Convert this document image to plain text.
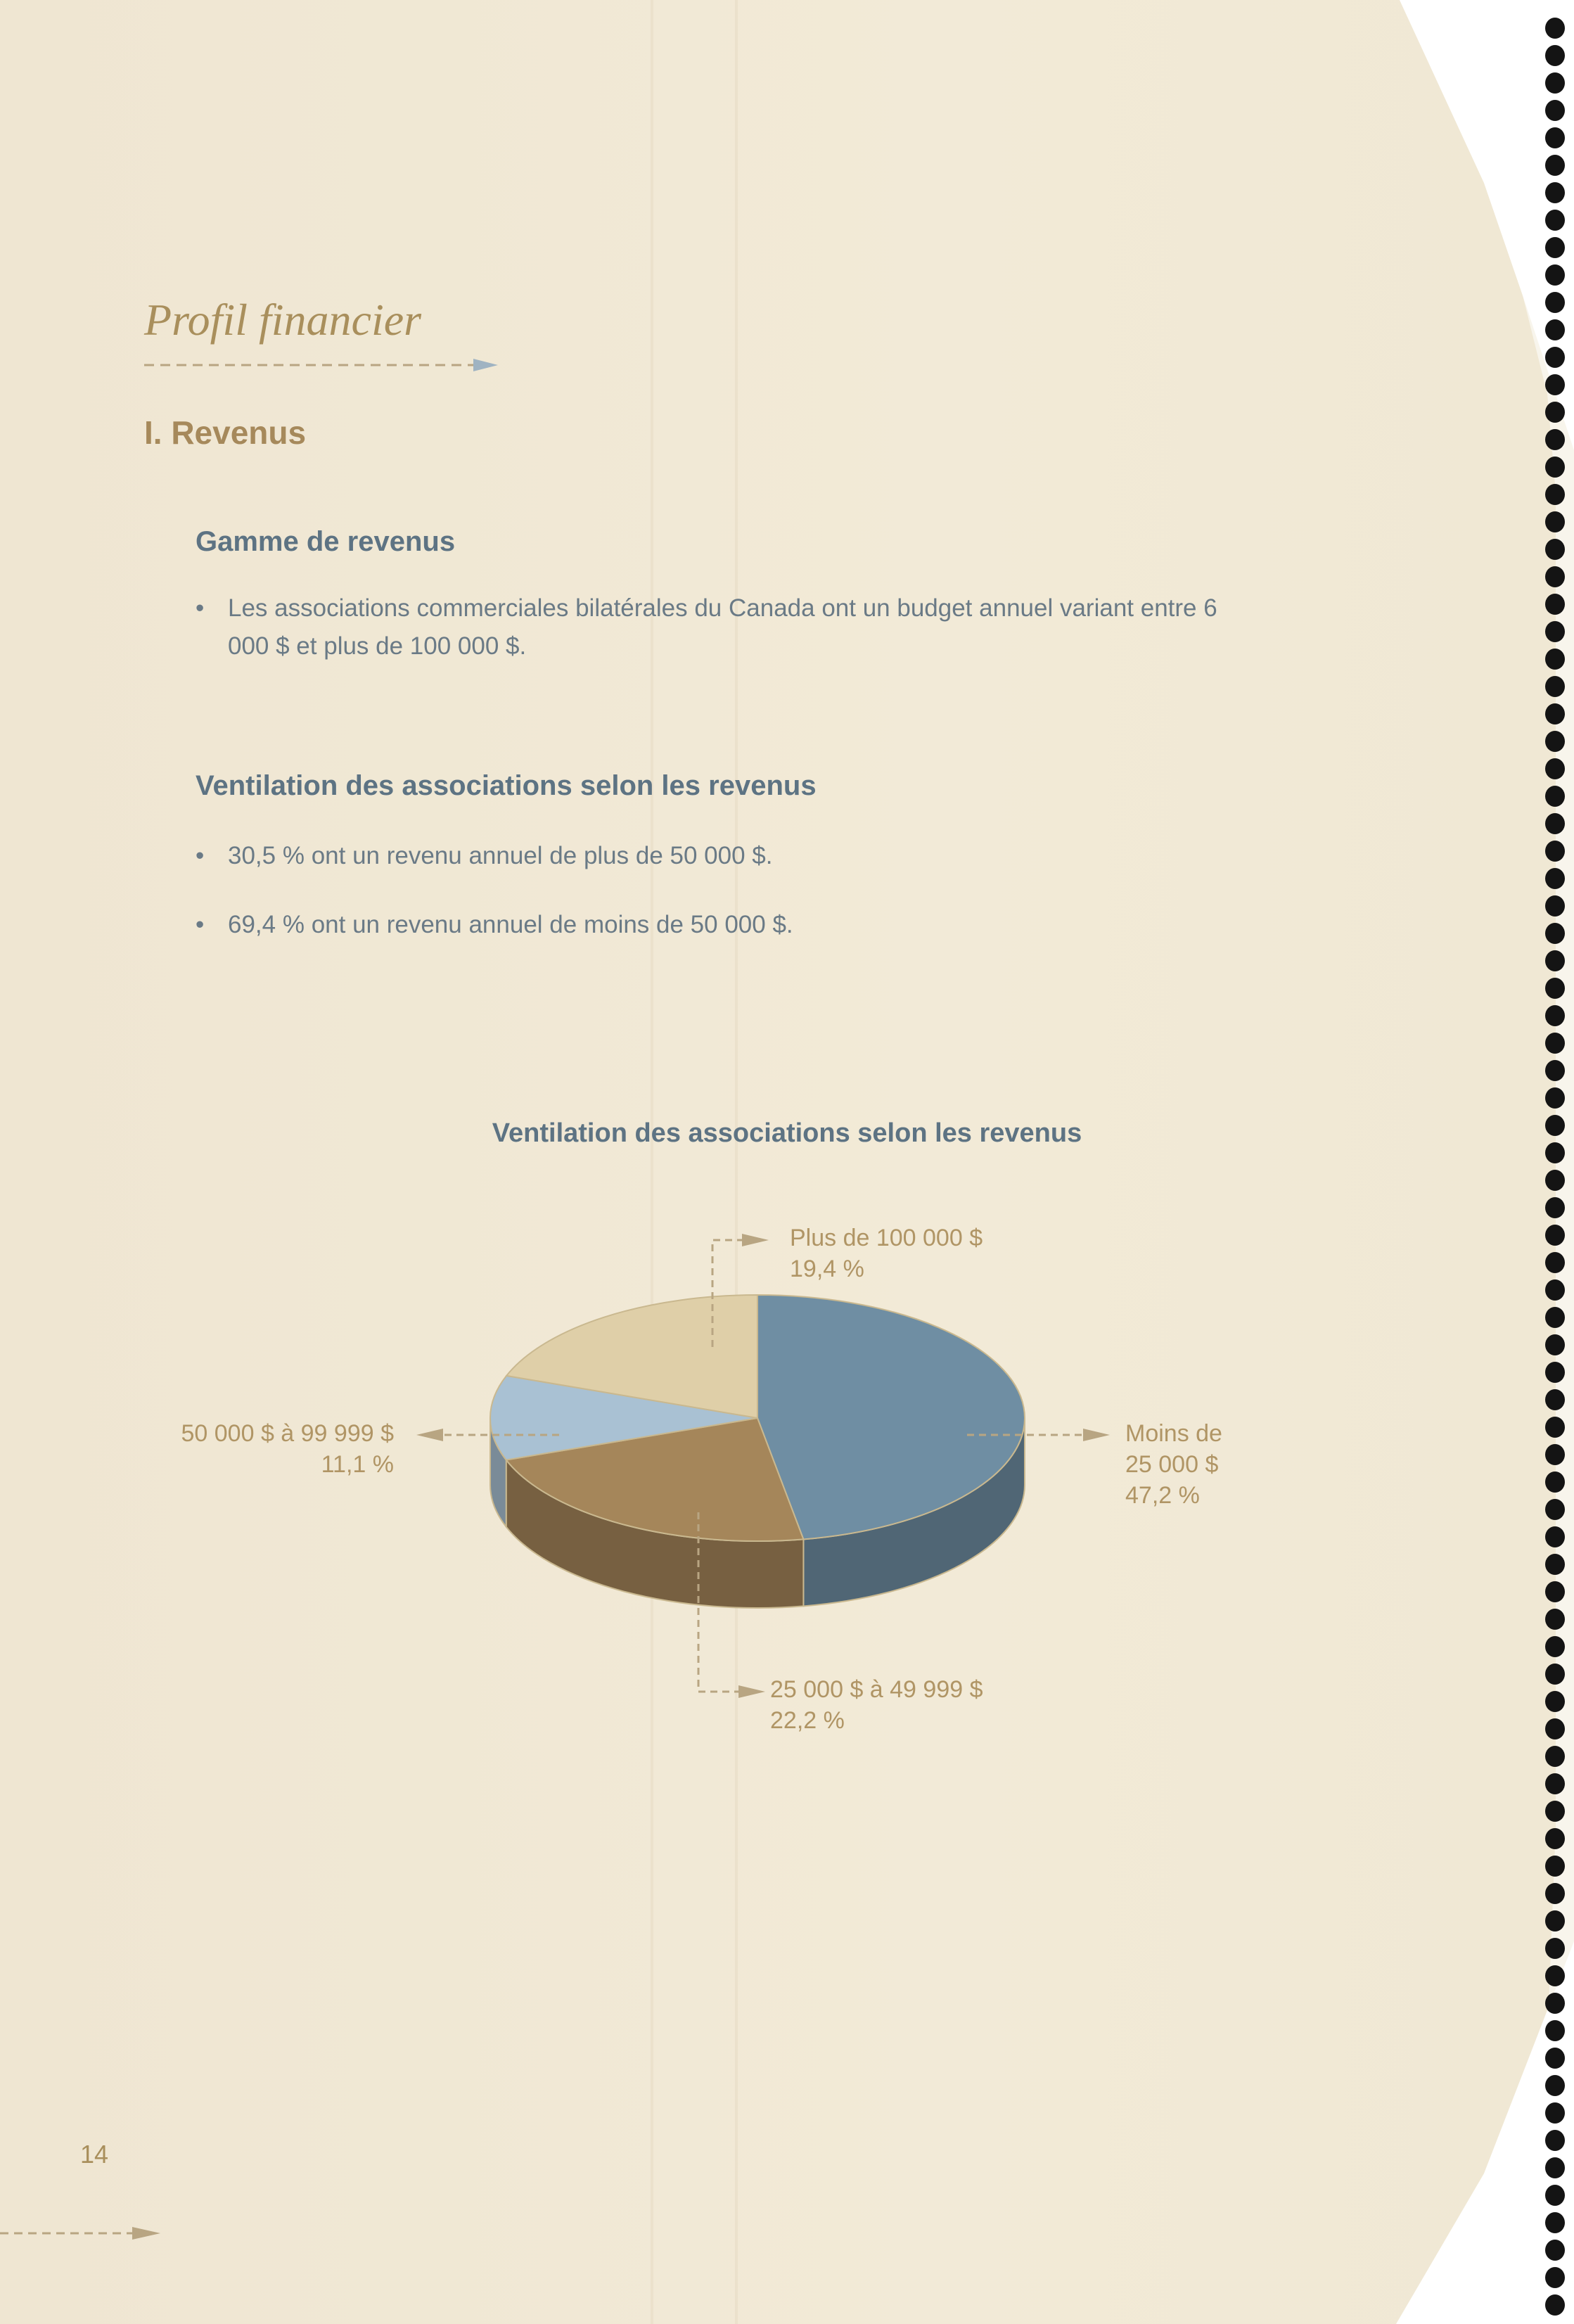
Profil financier
I. Revenus
Gamme de revenus
• Les associations commerciales bilatérales du Canada ont un budget annuel variant entre 6 000 $ et plus de 100 000 $.
Ventilation des associations selon les revenus
• 30,5 % ont un revenu annuel de plus de 50 000 $.
• 69,4 % ont un revenu annuel de moins de 50 000 $.
Ventilation des associations selon les revenus
Plus de 100 000 $
19,4 %
Moins de
25 000 $
47,2 %
25 000 $ à 49 999 $
22,2 %
50 000 $ à 99 999 $
11,1 %
14
